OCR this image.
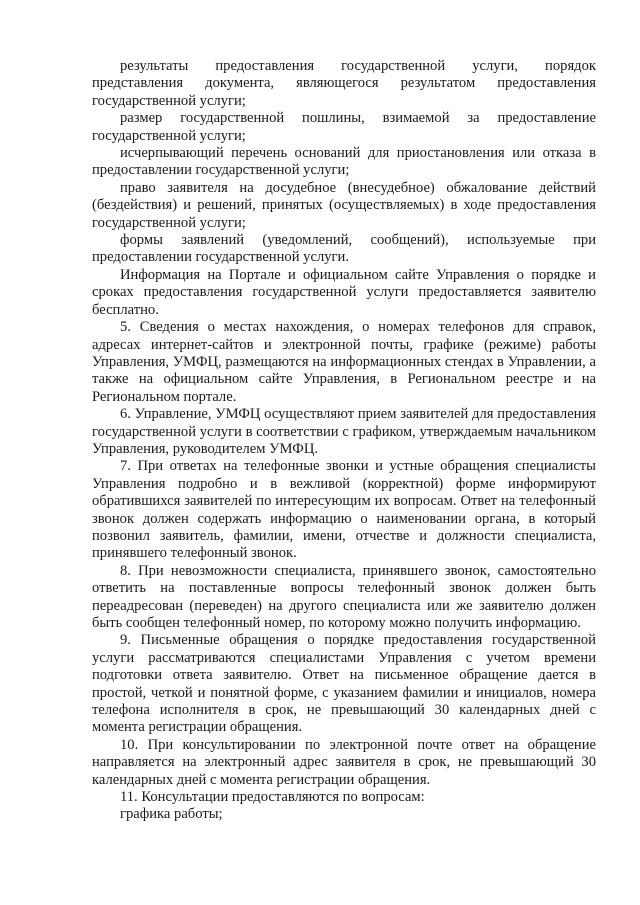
результаты предоставления государственной услуги, порядок представления документа, являющегося результатом предоставления государственной услуги;

размер государственной пошлины, взимаемой за предоставление государственной услуги;

исчерпывающий перечень оснований для приостановления или отказа в предоставлении государственной услуги;

право заявителя на досудебное (внесудебное) обжалование действий (бездействия) и решений, принятых (осуществляемых) в ходе предоставления государственной услуги;

формы заявлений (уведомлений, сообщений), используемые при предоставлении государственной услуги.

Информация на Портале и официальном сайте Управления о порядке и сроках предоставления государственной услуги предоставляется заявителю бесплатно.

5. Сведения о местах нахождения, о номерах телефонов для справок, адресах интернет-сайтов и электронной почты, графике (режиме) работы Управления, УМФЦ, размещаются на информационных стендах в Управлении, а также на официальном сайте Управления, в Региональном реестре и на Региональном портале.

6. Управление, УМФЦ осуществляют прием заявителей для предоставления государственной услуги в соответствии с графиком, утверждаемым начальником Управления, руководителем УМФЦ.

7. При ответах на телефонные звонки и устные обращения специалисты Управления подробно и в вежливой (корректной) форме информируют обратившихся заявителей по интересующим их вопросам. Ответ на телефонный звонок должен содержать информацию о наименовании органа, в который позвонил заявитель, фамилии, имени, отчестве и должности специалиста, принявшего телефонный звонок.

8. При невозможности специалиста, принявшего звонок, самостоятельно ответить на поставленные вопросы телефонный звонок должен быть переадресован (переведен) на другого специалиста или же заявителю должен быть сообщен телефонный номер, по которому можно получить информацию.

9. Письменные обращения о порядке предоставления государственной услуги рассматриваются специалистами Управления с учетом времени подготовки ответа заявителю. Ответ на письменное обращение дается в простой, четкой и понятной форме, с указанием фамилии и инициалов, номера телефона исполнителя в срок, не превышающий 30 календарных дней с момента регистрации обращения.

10. При консультировании по электронной почте ответ на обращение направляется на электронный адрес заявителя в срок, не превышающий 30 календарных дней с момента регистрации обращения.

11. Консультации предоставляются по вопросам:

графика работы;
